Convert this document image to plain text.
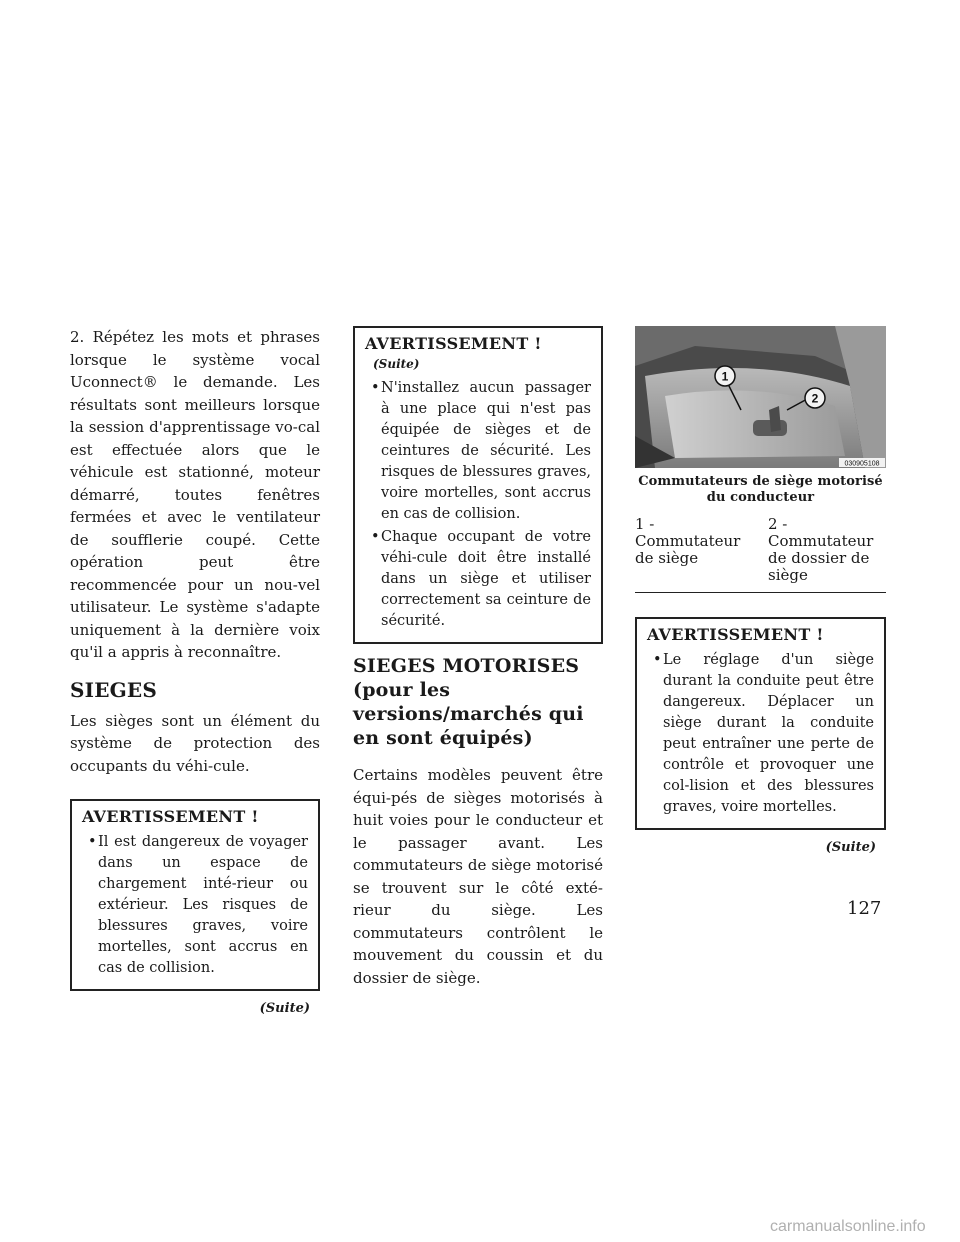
2. Répétez les mots et phrases lorsque le système vocal Uconnect® le demande. Les résultats sont meilleurs lorsque la session d'apprentissage vo-cal est effectuée alors que le véhicule est stationné, moteur démarré, toutes fenêtres fermées et avec le ventilateur de soufflerie coupé. Cette opération peut être recommencée pour un nou-vel utilisateur. Le système s'adapte uniquement à la dernière voix qu'il a appris à reconnaître.

SIEGES

Les sièges sont un élément du système de protection des occupants du véhi-cule.

AVERTISSEMENT !
•Il est dangereux de voyager dans un espace de chargement inté-rieur ou extérieur. Les risques de blessures graves, voire mortelles, sont accrus en cas de collision.
(Suite)
AVERTISSEMENT !(Suite)
•N'installez aucun passager à une place qui n'est pas équipée de sièges et de ceintures de sécurité. Les risques de blessures graves, voire mortelles, sont accrus en cas de collision.
•Chaque occupant de votre véhi-cule doit être installé dans un siège et utiliser correctement sa ceinture de sécurité.
SIEGES MOTORISES (pour les versions/marchés qui en sont équipés)

Certains modèles peuvent être équi-pés de sièges motorisés à huit voies pour le conducteur et le passager avant. Les commutateurs de siège motorisé se trouvent sur le côté exté-rieur du siège. Les commutateurs contrôlent le mouvement du coussin et du dossier de siège.

1
2
030905108
Commutateurs de siège motorisé du conducteur
1 - Commutateur de siège
2 - Commutateur de dossier de siège
AVERTISSEMENT !
•Le réglage d'un siège durant la conduite peut être dangereux. Déplacer un siège durant la conduite peut entraîner une perte de contrôle et provoquer une col-lision et des blessures graves, voire mortelles.
(Suite)
127
carmanualsonline.info
